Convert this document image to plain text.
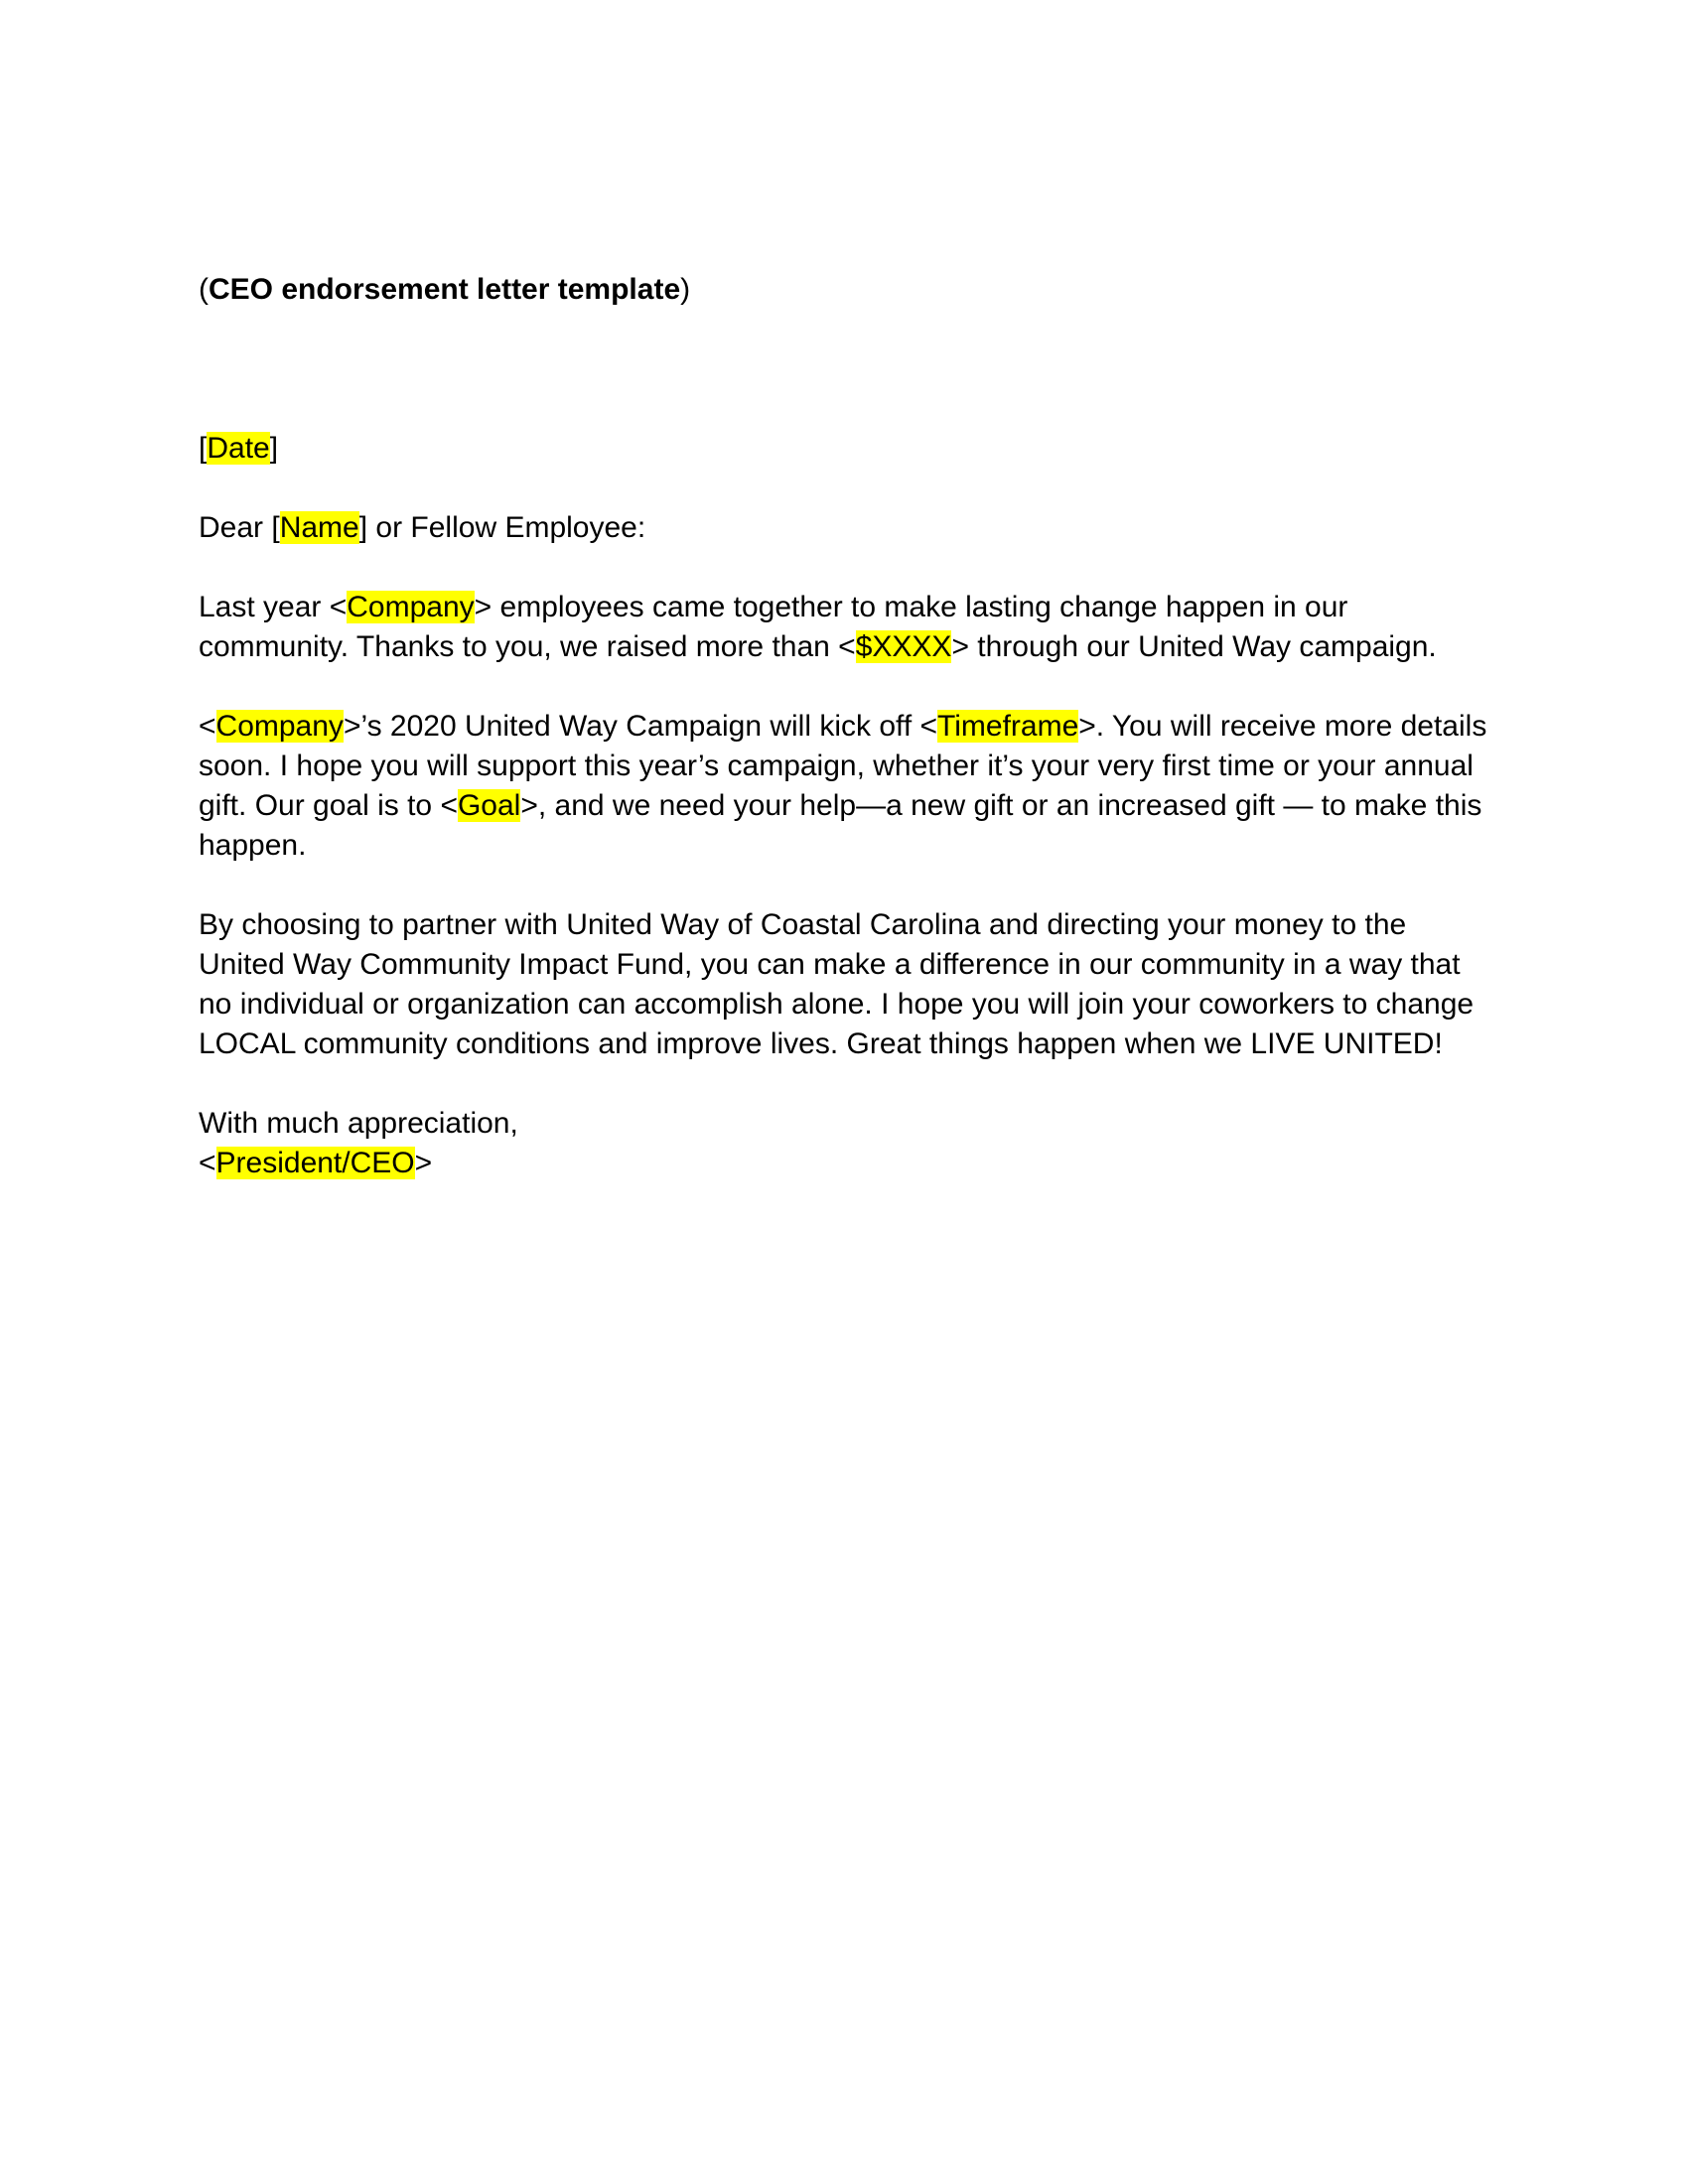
(CEO endorsement letter template)

[Date]

Dear [Name] or Fellow Employee:

Last year <Company> employees came together to make lasting change happen in our community. Thanks to you, we raised more than <$XXXX> through our United Way campaign.

<Company>’s 2020 United Way Campaign will kick off <Timeframe>. You will receive more details soon. I hope you will support this year’s campaign, whether it’s your very first time or your annual gift. Our goal is to <Goal>, and we need your help—a new gift or an increased gift — to make this happen.

By choosing to partner with United Way of Coastal Carolina and directing your money to the United Way Community Impact Fund, you can make a difference in our community in a way that no individual or organization can accomplish alone. I hope you will join your coworkers to change LOCAL community conditions and improve lives. Great things happen when we LIVE UNITED!

With much appreciation,

<President/CEO>
